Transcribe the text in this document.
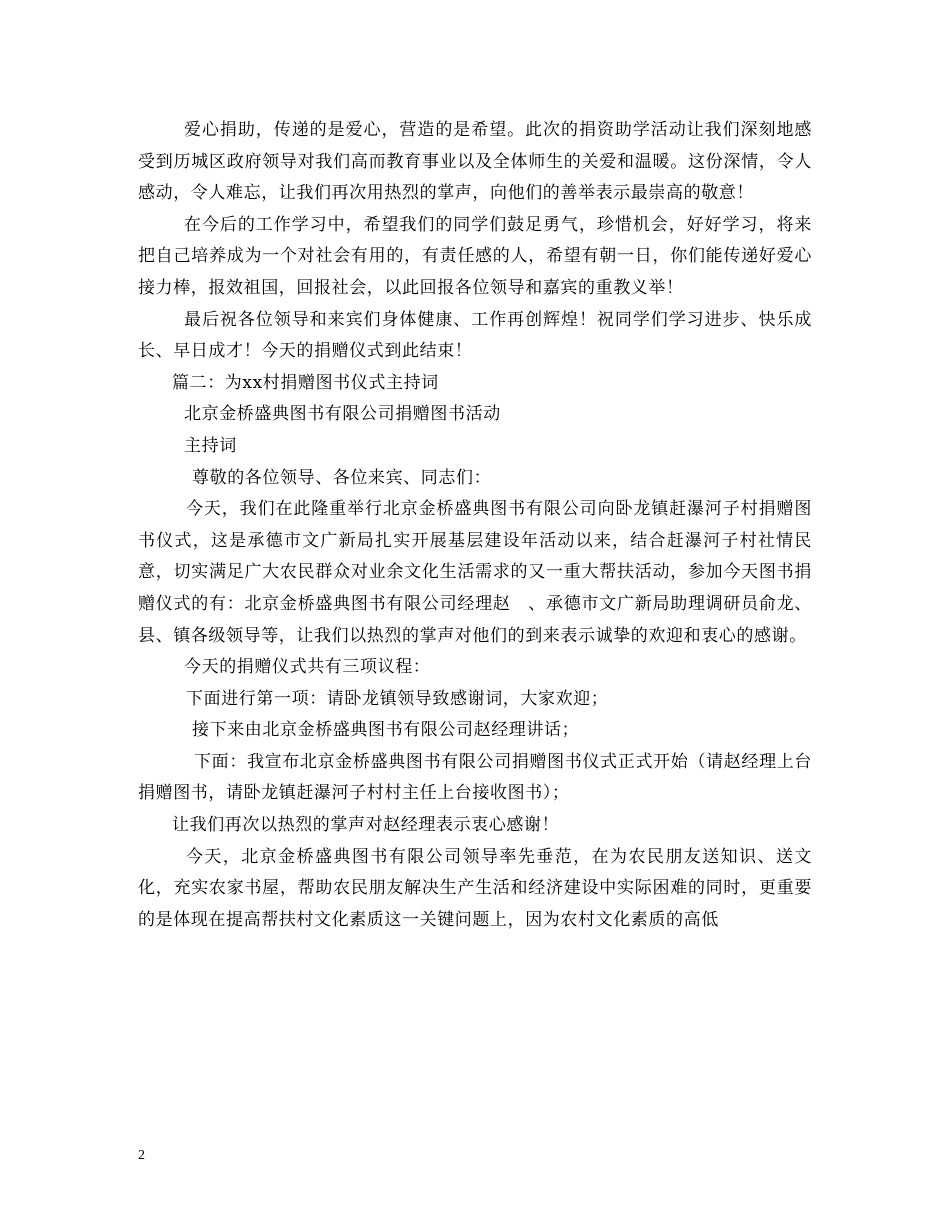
爱心捐助，传递的是爱心，营造的是希望。此次的捐资助学活动让我们深刻地感受到历城区政府领导对我们高而教育事业以及全体师生的关爱和温暖。这份深情，令人感动，令人难忘，让我们再次用热烈的掌声，向他们的善举表示最崇高的敬意！

在今后的工作学习中，希望我们的同学们鼓足勇气，珍惜机会，好好学习，将来把自己培养成为一个对社会有用的，有责任感的人，希望有朝一日，你们能传递好爱心接力棒，报效祖国，回报社会，以此回报各位领导和嘉宾的重教义举！

最后祝各位领导和来宾们身体健康、工作再创辉煌！祝同学们学习进步、快乐成长、早日成才！今天的捐赠仪式到此结束！

篇二：为xx村捐赠图书仪式主持词

北京金桥盛典图书有限公司捐赠图书活动

主持词

尊敬的各位领导、各位来宾、同志们：

今天，我们在此隆重举行北京金桥盛典图书有限公司向卧龙镇赶瀑河子村捐赠图书仪式，这是承德市文广新局扎实开展基层建设年活动以来，结合赶瀑河子村社情民意，切实满足广大农民群众对业余文化生活需求的又一重大帮扶活动，参加今天图书捐赠仪式的有：北京金桥盛典图书有限公司经理赵　、承德市文广新局助理调研员俞龙、县、镇各级领导等，让我们以热烈的掌声对他们的到来表示诚挚的欢迎和衷心的感谢。

今天的捐赠仪式共有三项议程：

下面进行第一项：请卧龙镇领导致感谢词，大家欢迎；

接下来由北京金桥盛典图书有限公司赵经理讲话；

下面：我宣布北京金桥盛典图书有限公司捐赠图书仪式正式开始（请赵经理上台捐赠图书，请卧龙镇赶瀑河子村村主任上台接收图书）；

让我们再次以热烈的掌声对赵经理表示衷心感谢！

今天，北京金桥盛典图书有限公司领导率先垂范，在为农民朋友送知识、送文化，充实农家书屋，帮助农民朋友解决生产生活和经济建设中实际困难的同时，更重要的是体现在提高帮扶村文化素质这一关键问题上，因为农村文化素质的高低

2
